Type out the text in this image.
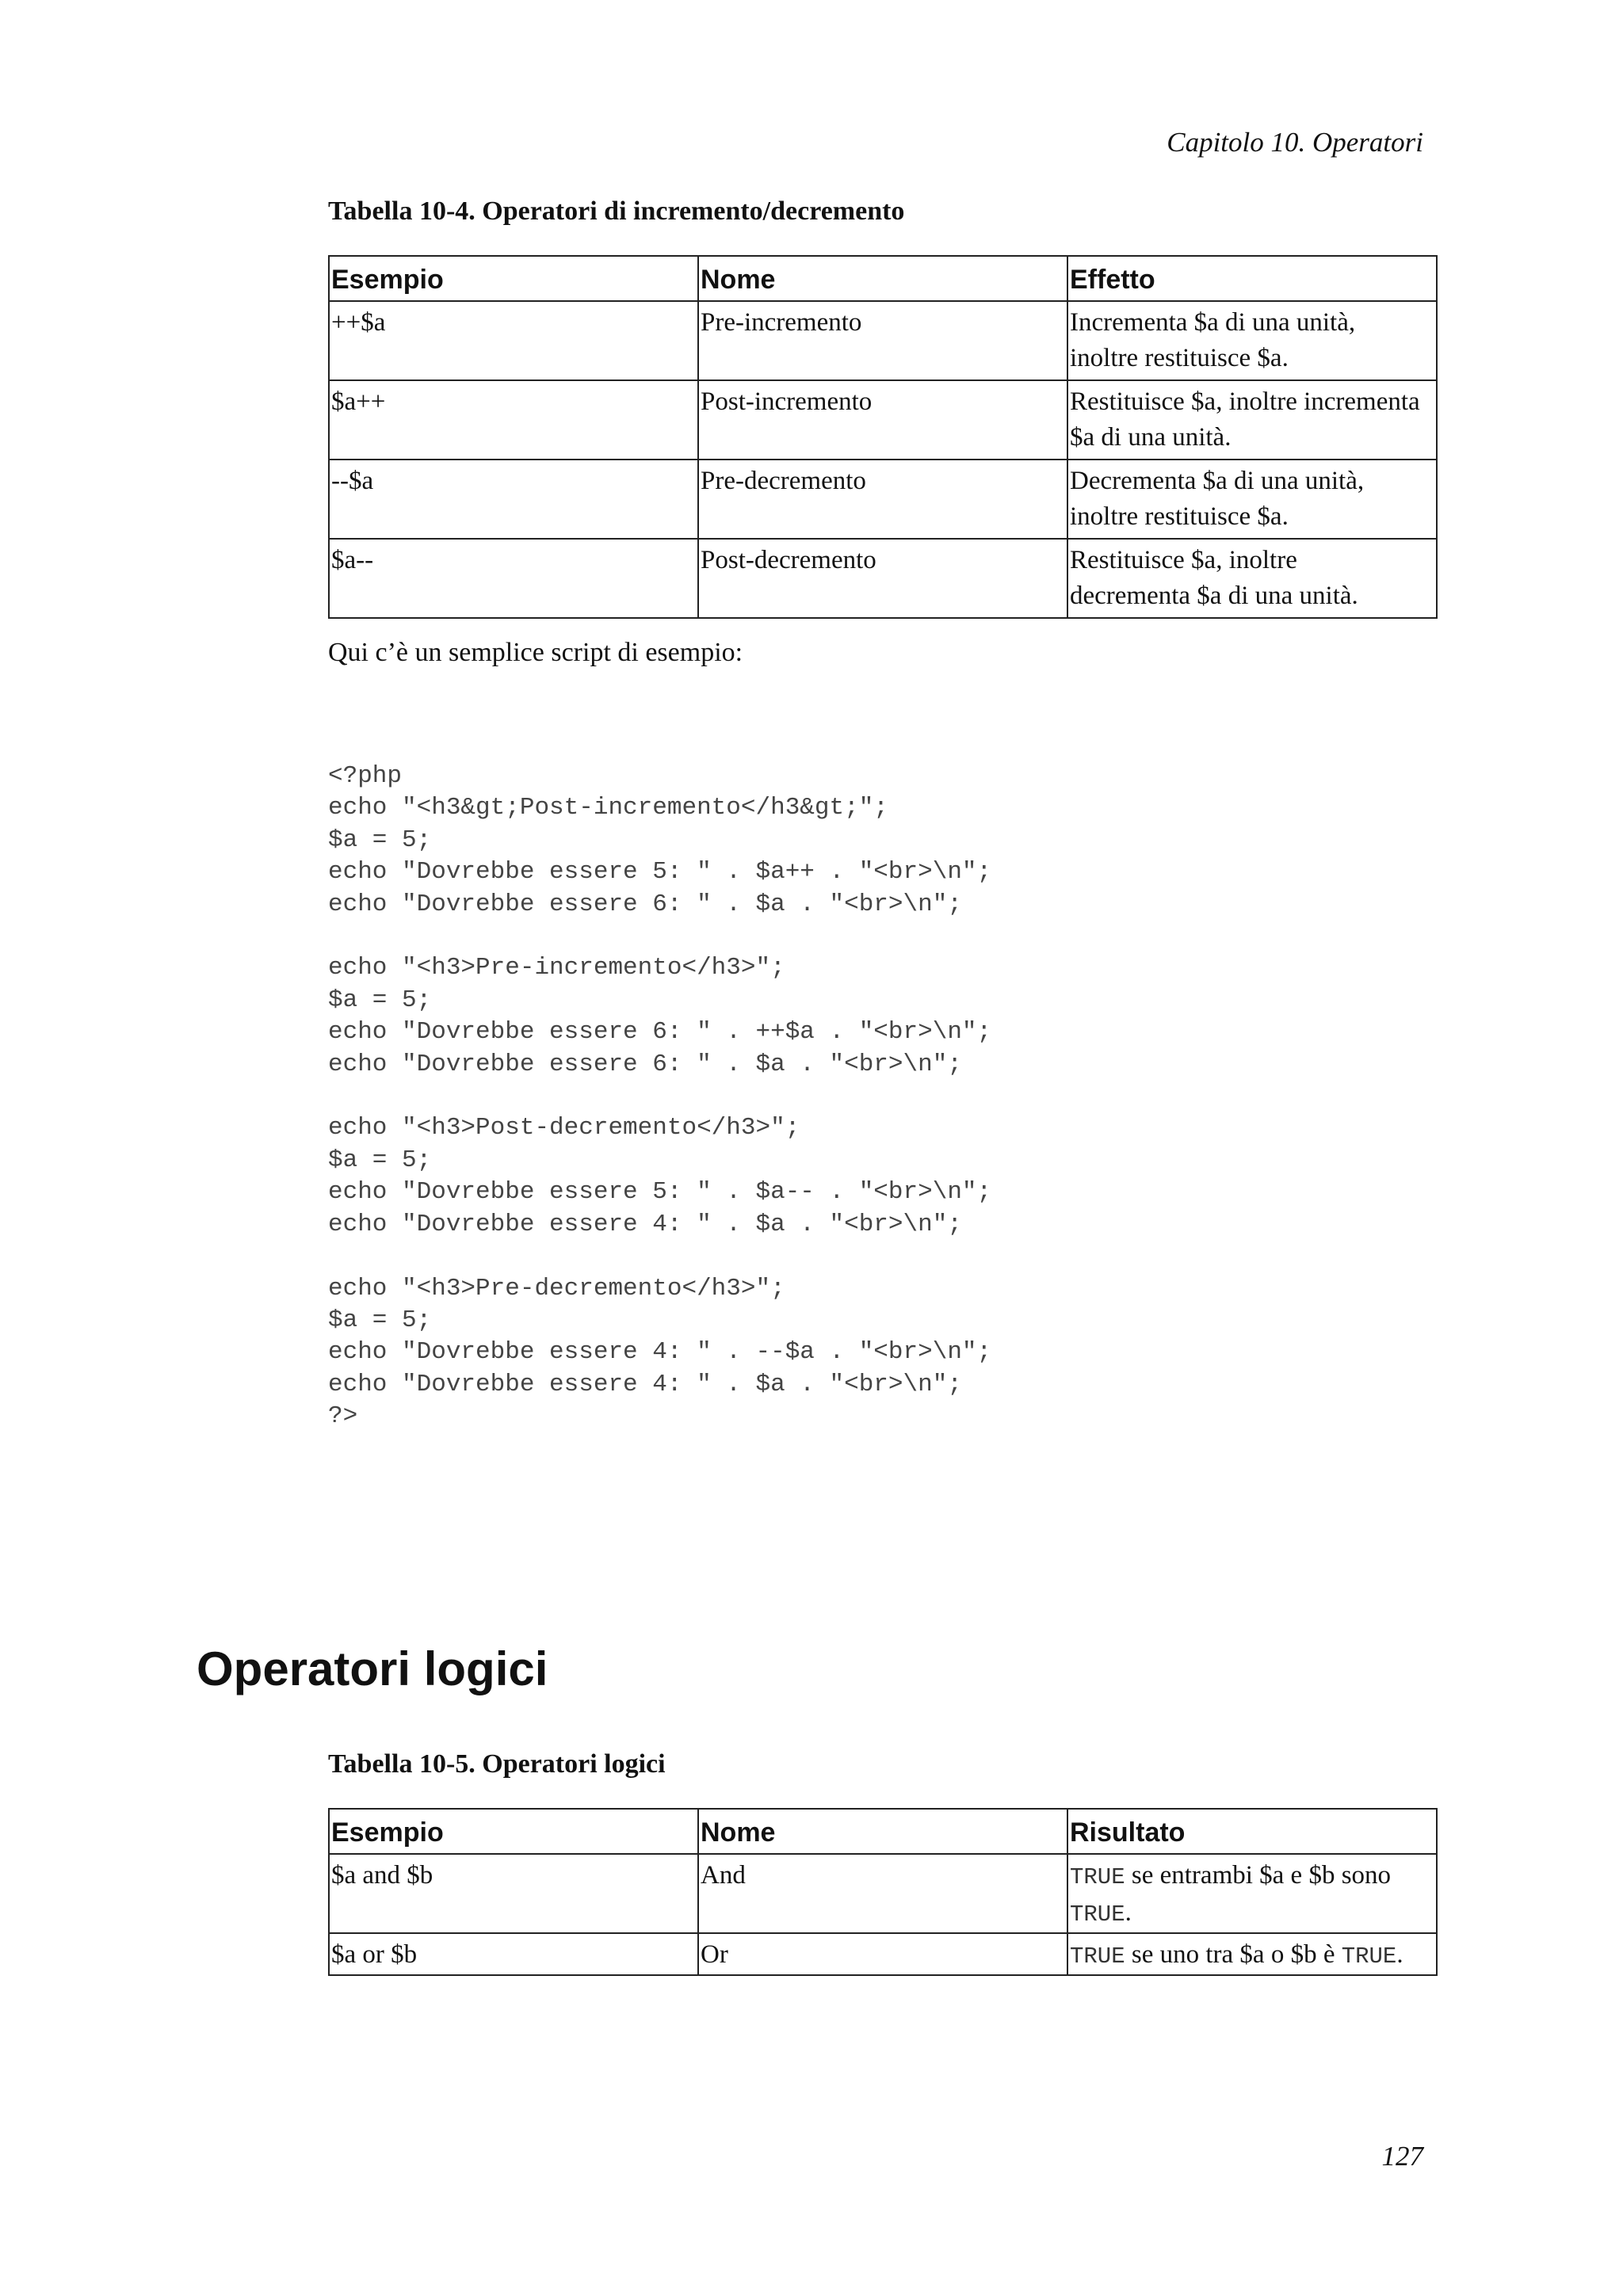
Capitolo 10. Operatori
Tabella 10-4. Operatori di incremento/decremento
Esempio	Nome	Effetto
++$a	Pre-incremento	Incrementa $a di una unità,
inoltre restituisce $a.
$a++	Post-incremento	Restituisce $a, inoltre incrementa
$a di una unità.
--$a	Pre-decremento	Decrementa $a di una unità,
inoltre restituisce $a.
$a--	Post-decremento	Restituisce $a, inoltre
decrementa $a di una unità.
Qui c’è un semplice script di esempio:
<?php
echo "<h3&gt;Post-incremento</h3&gt;";
$a = 5;
echo "Dovrebbe essere 5: " . $a++ . "<br>\n";
echo "Dovrebbe essere 6: " . $a . "<br>\n";

echo "<h3>Pre-incremento</h3>";
$a = 5;
echo "Dovrebbe essere 6: " . ++$a . "<br>\n";
echo "Dovrebbe essere 6: " . $a . "<br>\n";

echo "<h3>Post-decremento</h3>";
$a = 5;
echo "Dovrebbe essere 5: " . $a-- . "<br>\n";
echo "Dovrebbe essere 4: " . $a . "<br>\n";

echo "<h3>Pre-decremento</h3>";
$a = 5;
echo "Dovrebbe essere 4: " . --$a . "<br>\n";
echo "Dovrebbe essere 4: " . $a . "<br>\n";
?>
Operatori logici
Tabella 10-5. Operatori logici
Esempio	Nome	Risultato
$a and $b	And	TRUE se entrambi $a e $b sono
TRUE.
$a or $b	Or	TRUE se uno tra $a o $b è TRUE.
127
